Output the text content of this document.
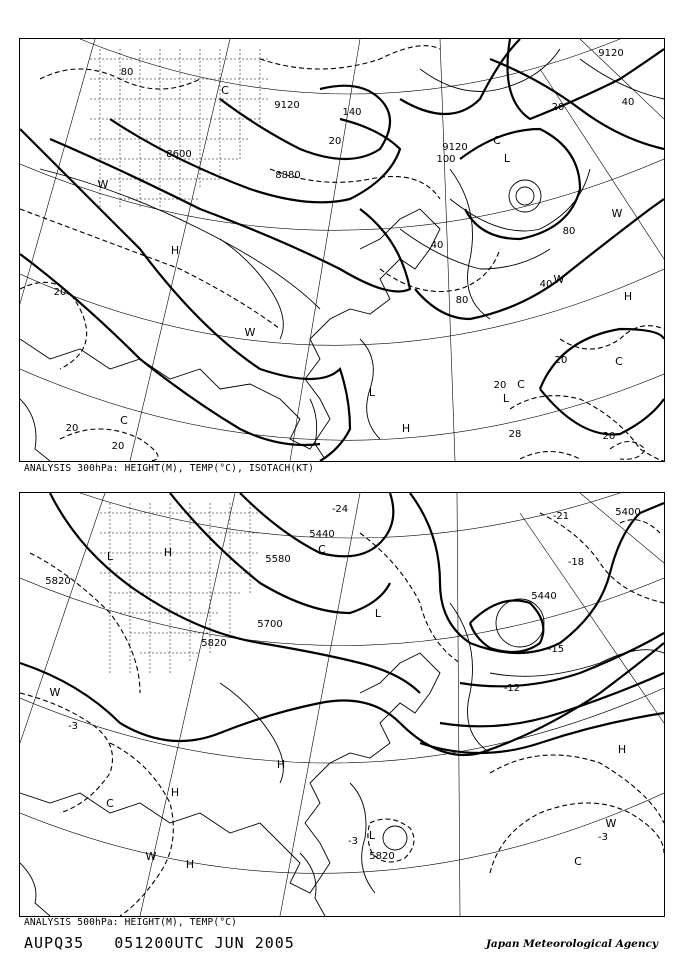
H
H
H
L
L	L
C
C
C
C
C
W
W
W
W
20
20
20
20
20
20
20
20
28
40
40
40
80
80
80
9120
9120
9120
8600
8880
100
140
ANALYSIS 300hPa: HEIGHT(M), TEMP(°C), ISOTACH(KT)
H
H
H
H
H
L
L
L
C
C
C
W
W
W
5820
5820
5820
5700
5580
5440
5440
5400
-3
-3	-3
-12
-18
-24
-21
-15
ANALYSIS 500hPa: HEIGHT(M), TEMP(°C)
AUPQ35 051200UTC JUN 2005	Japan Meteorological Agency
